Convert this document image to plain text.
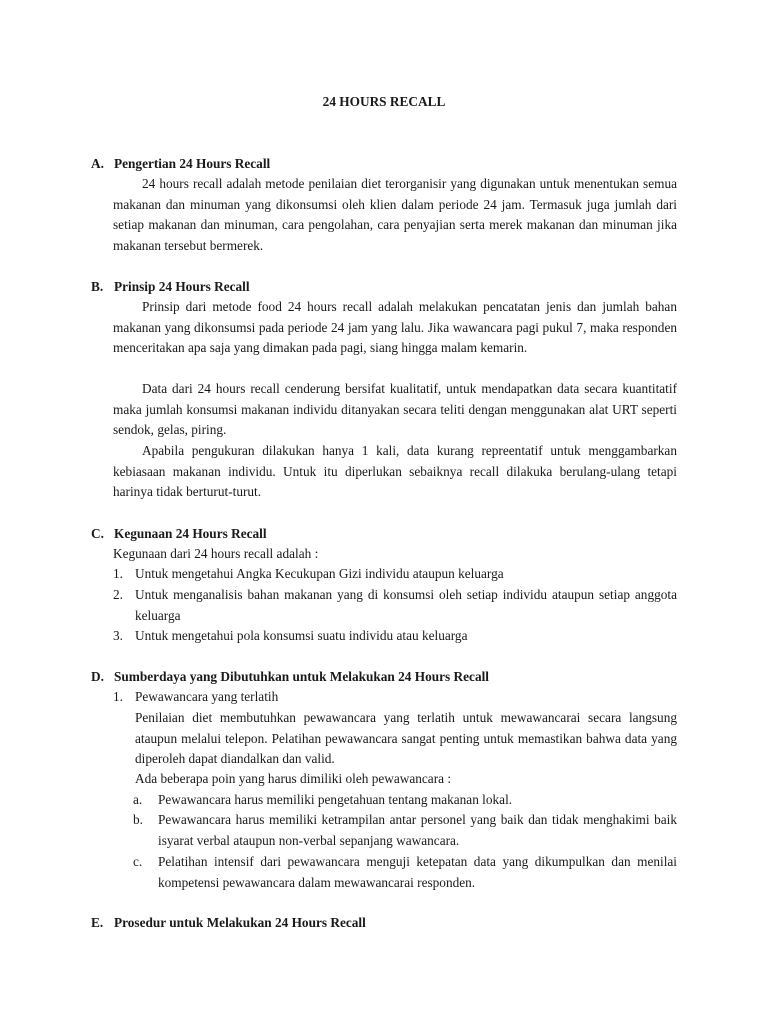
24 HOURS RECALL
A. Pengertian 24 Hours Recall
24 hours recall adalah metode penilaian diet terorganisir yang digunakan untuk menentukan semua makanan dan minuman yang dikonsumsi oleh klien dalam periode 24 jam. Termasuk juga jumlah dari setiap makanan dan minuman, cara pengolahan, cara penyajian serta merek makanan dan minuman jika makanan tersebut bermerek.
B. Prinsip 24 Hours Recall
Prinsip dari metode food 24 hours recall adalah melakukan pencatatan jenis dan jumlah bahan makanan yang dikonsumsi pada periode 24 jam yang lalu. Jika wawancara pagi pukul 7, maka responden menceritakan apa saja yang dimakan pada pagi, siang hingga malam kemarin.
Data dari 24 hours recall cenderung bersifat kualitatif, untuk mendapatkan data secara kuantitatif maka jumlah konsumsi makanan individu ditanyakan secara teliti dengan menggunakan alat URT seperti sendok, gelas, piring.
Apabila pengukuran dilakukan hanya 1 kali, data kurang repreentatif untuk menggambarkan kebiasaan makanan individu. Untuk itu diperlukan sebaiknya recall dilakuka berulang-ulang tetapi harinya tidak berturut-turut.
C. Kegunaan 24 Hours Recall
Kegunaan dari 24 hours recall adalah :
1. Untuk mengetahui Angka Kecukupan Gizi individu ataupun keluarga
2. Untuk menganalisis bahan makanan yang di konsumsi oleh setiap individu ataupun setiap anggota keluarga
3. Untuk mengetahui pola konsumsi suatu individu atau keluarga
D. Sumberdaya yang Dibutuhkan untuk Melakukan 24 Hours Recall
1. Pewawancara yang terlatih
Penilaian diet membutuhkan pewawancara yang terlatih untuk mewawancarai secara langsung ataupun melalui telepon. Pelatihan pewawancara sangat penting untuk memastikan bahwa data yang diperoleh dapat diandalkan dan valid.
Ada beberapa poin yang harus dimiliki oleh pewawancara :
a. Pewawancara harus memiliki pengetahuan tentang makanan lokal.
b. Pewawancara harus memiliki ketrampilan antar personel yang baik dan tidak menghakimi baik isyarat verbal ataupun non-verbal sepanjang wawancara.
c. Pelatihan intensif dari pewawancara menguji ketepatan data yang dikumpulkan dan menilai kompetensi pewawancara dalam mewawancarai responden.
E. Prosedur untuk Melakukan 24 Hours Recall
